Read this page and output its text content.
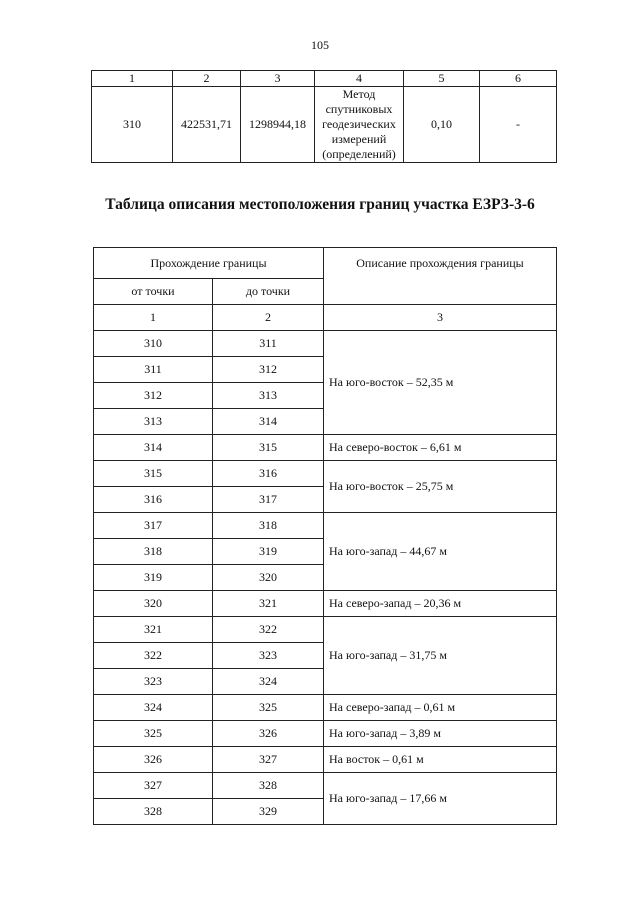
105
1	2	3	4	5	6
310	422531,71	1298944,18	Метод
спутниковых
геодезических
измерений
(определений)	0,10	-
Таблица описания местоположения границ участка ЕЗРЗ-3-6
Прохождение границы		Описание прохождения границы
от точки	до точки	
1	2	3
310	311	На юго-восток – 52,35 м
311	312	
312	313	
313	314	
314	315	На северо-восток – 6,61 м
315	316	На юго-восток – 25,75 м
316	317	
317	318	На юго-запад – 44,67 м
318	319	
319	320	
320	321	На северо-запад – 20,36 м
321	322	На юго-запад – 31,75 м
322	323	
323	324	
324	325	На северо-запад – 0,61 м
325	326	На юго-запад – 3,89 м
326	327	На восток – 0,61 м
327	328	На юго-запад – 17,66 м
328	329	
